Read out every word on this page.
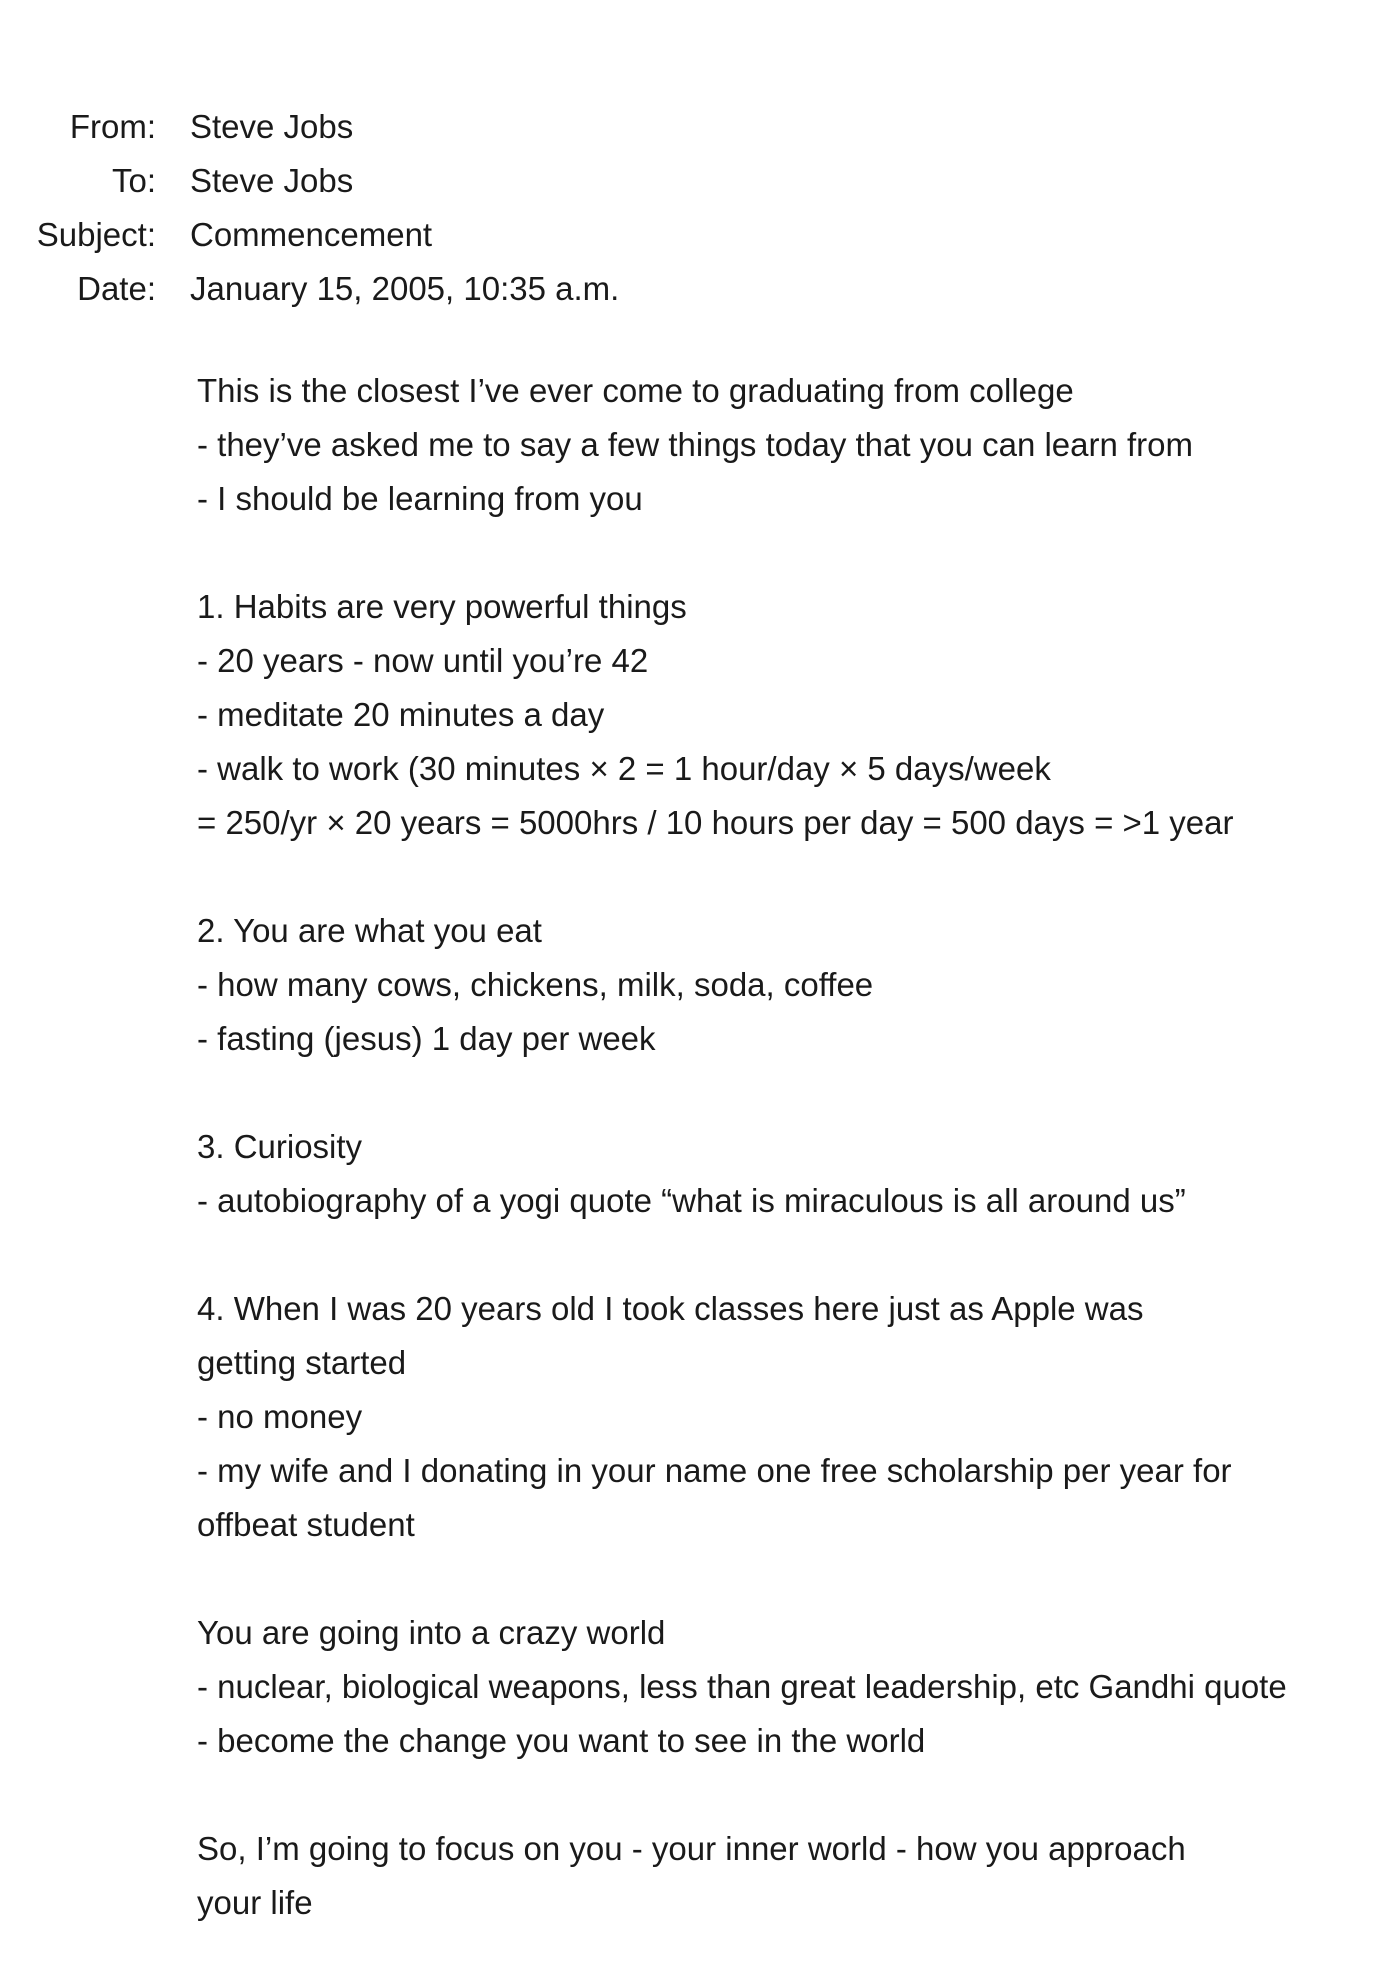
From: Steve Jobs
To: Steve Jobs
Subject: Commencement
Date: January 15, 2005, 10:35 a.m.
This is the closest I’ve ever come to graduating from college
- they’ve asked me to say a few things today that you can learn from
- I should be learning from you
1. Habits are very powerful things
- 20 years - now until you’re 42
- meditate 20 minutes a day
- walk to work (30 minutes × 2 = 1 hour/day × 5 days/week
= 250/yr × 20 years = 5000hrs / 10 hours per day = 500 days = >1 year
2. You are what you eat
- how many cows, chickens, milk, soda, coffee
- fasting (jesus) 1 day per week
3. Curiosity
- autobiography of a yogi quote “what is miraculous is all around us”
4. When I was 20 years old I took classes here just as Apple was
getting started
- no money
- my wife and I donating in your name one free scholarship per year for
offbeat student
You are going into a crazy world
- nuclear, biological weapons, less than great leadership, etc Gandhi quote
- become the change you want to see in the world
So, I’m going to focus on you - your inner world - how you approach
your life
